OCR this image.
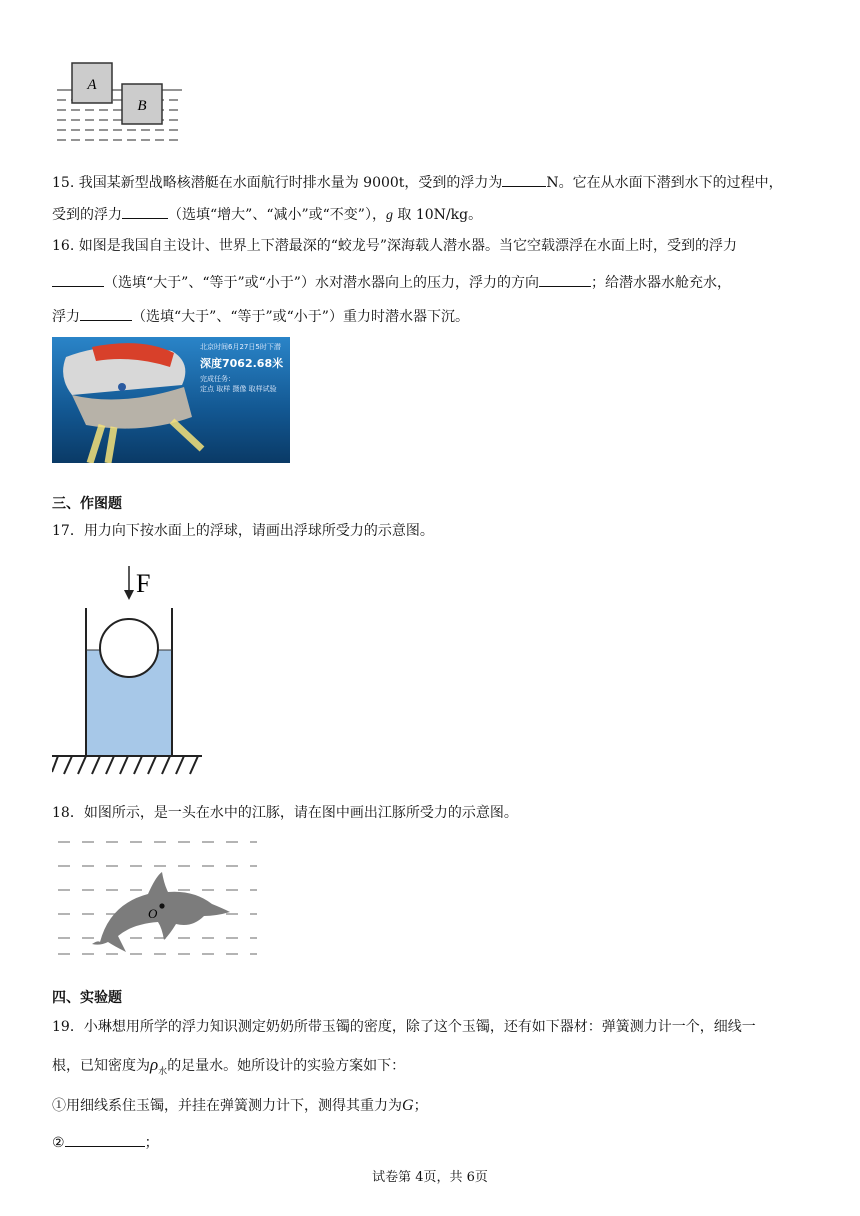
A
B
15. 我国某新型战略核潜艇在水面航行时排水量为 9000t，受到的浮力为	N。它在从水面下潜到水下的过程中，
受到的浮力	（选填“增大”、“减小”或“不变”），g 取 10N/kg。
16. 如图是我国自主设计、世界上下潜最深的“蛟龙号”深海载人潜水器。当它空载漂浮在水面上时，受到的浮力
（选填“大于”、“等于”或“小于”）水对潜水器向上的压力，浮力的方向	；给潜水器水舱充水，
浮力	（选填“大于”、“等于”或“小于”）重力时潜水器下沉。
北京时间6月27日5时下潜
深度7062.68米
完成任务：
定点 取样 摄像 取样试验
三、作图题
17．用力向下按水面上的浮球，请画出浮球所受力的示意图。
F
18．如图所示，是一头在水中的江豚，请在图中画出江豚所受力的示意图。
O
四、实验题
19．小琳想用所学的浮力知识测定奶奶所带玉镯的密度，除了这个玉镯，还有如下器材：弹簧测力计一个，细线一
根，已知密度为$\rho_水$的足量水。她所设计的实验方案如下：
①用细线系住玉镯，并挂在弹簧测力计下，测得其重力为G；
②	；
试卷第 4页，共 6页
